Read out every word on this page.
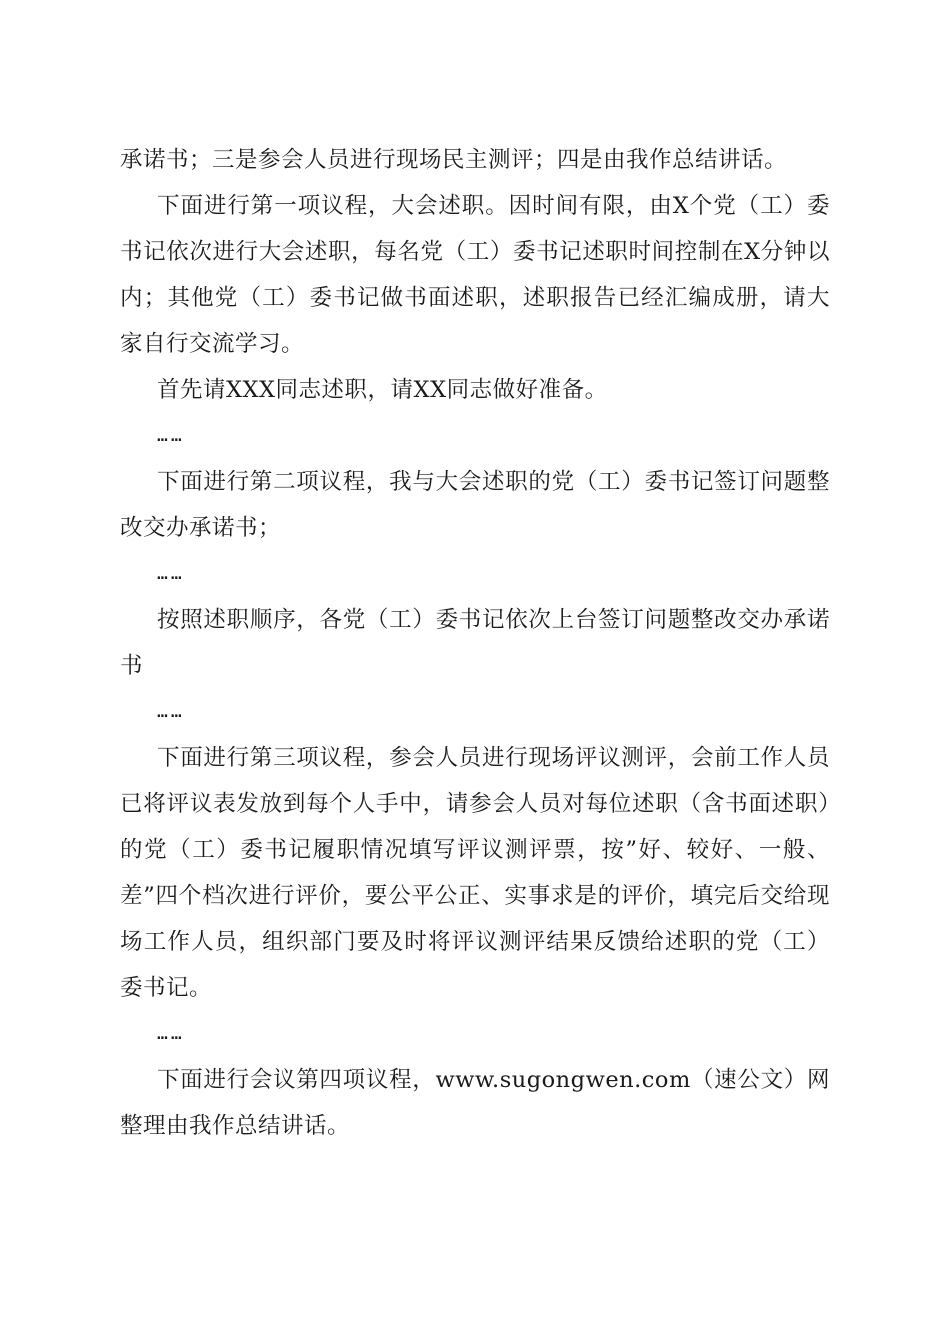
承诺书；三是参会人员进行现场民主测评；四是由我作总结讲话。

下面进行第一项议程，大会述职。因时间有限，由X个党（工）委书记依次进行大会述职，每名党（工）委书记述职时间控制在X分钟以内；其他党（工）委书记做书面述职，述职报告已经汇编成册，请大家自行交流学习。

首先请XXX同志述职，请XX同志做好准备。

……

下面进行第二项议程，我与大会述职的党（工）委书记签订问题整改交办承诺书；

……

按照述职顺序，各党（工）委书记依次上台签订问题整改交办承诺书

……

下面进行第三项议程，参会人员进行现场评议测评，会前工作人员已将评议表发放到每个人手中，请参会人员对每位述职（含书面述职）的党（工）委书记履职情况填写评议测评票，按”好、较好、一般、差”四个档次进行评价，要公平公正、实事求是的评价，填完后交给现场工作人员，组织部门要及时将评议测评结果反馈给述职的党（工）委书记。

……

下面进行会议第四项议程，www.sugongwen.com（速公文）网整理由我作总结讲话。
